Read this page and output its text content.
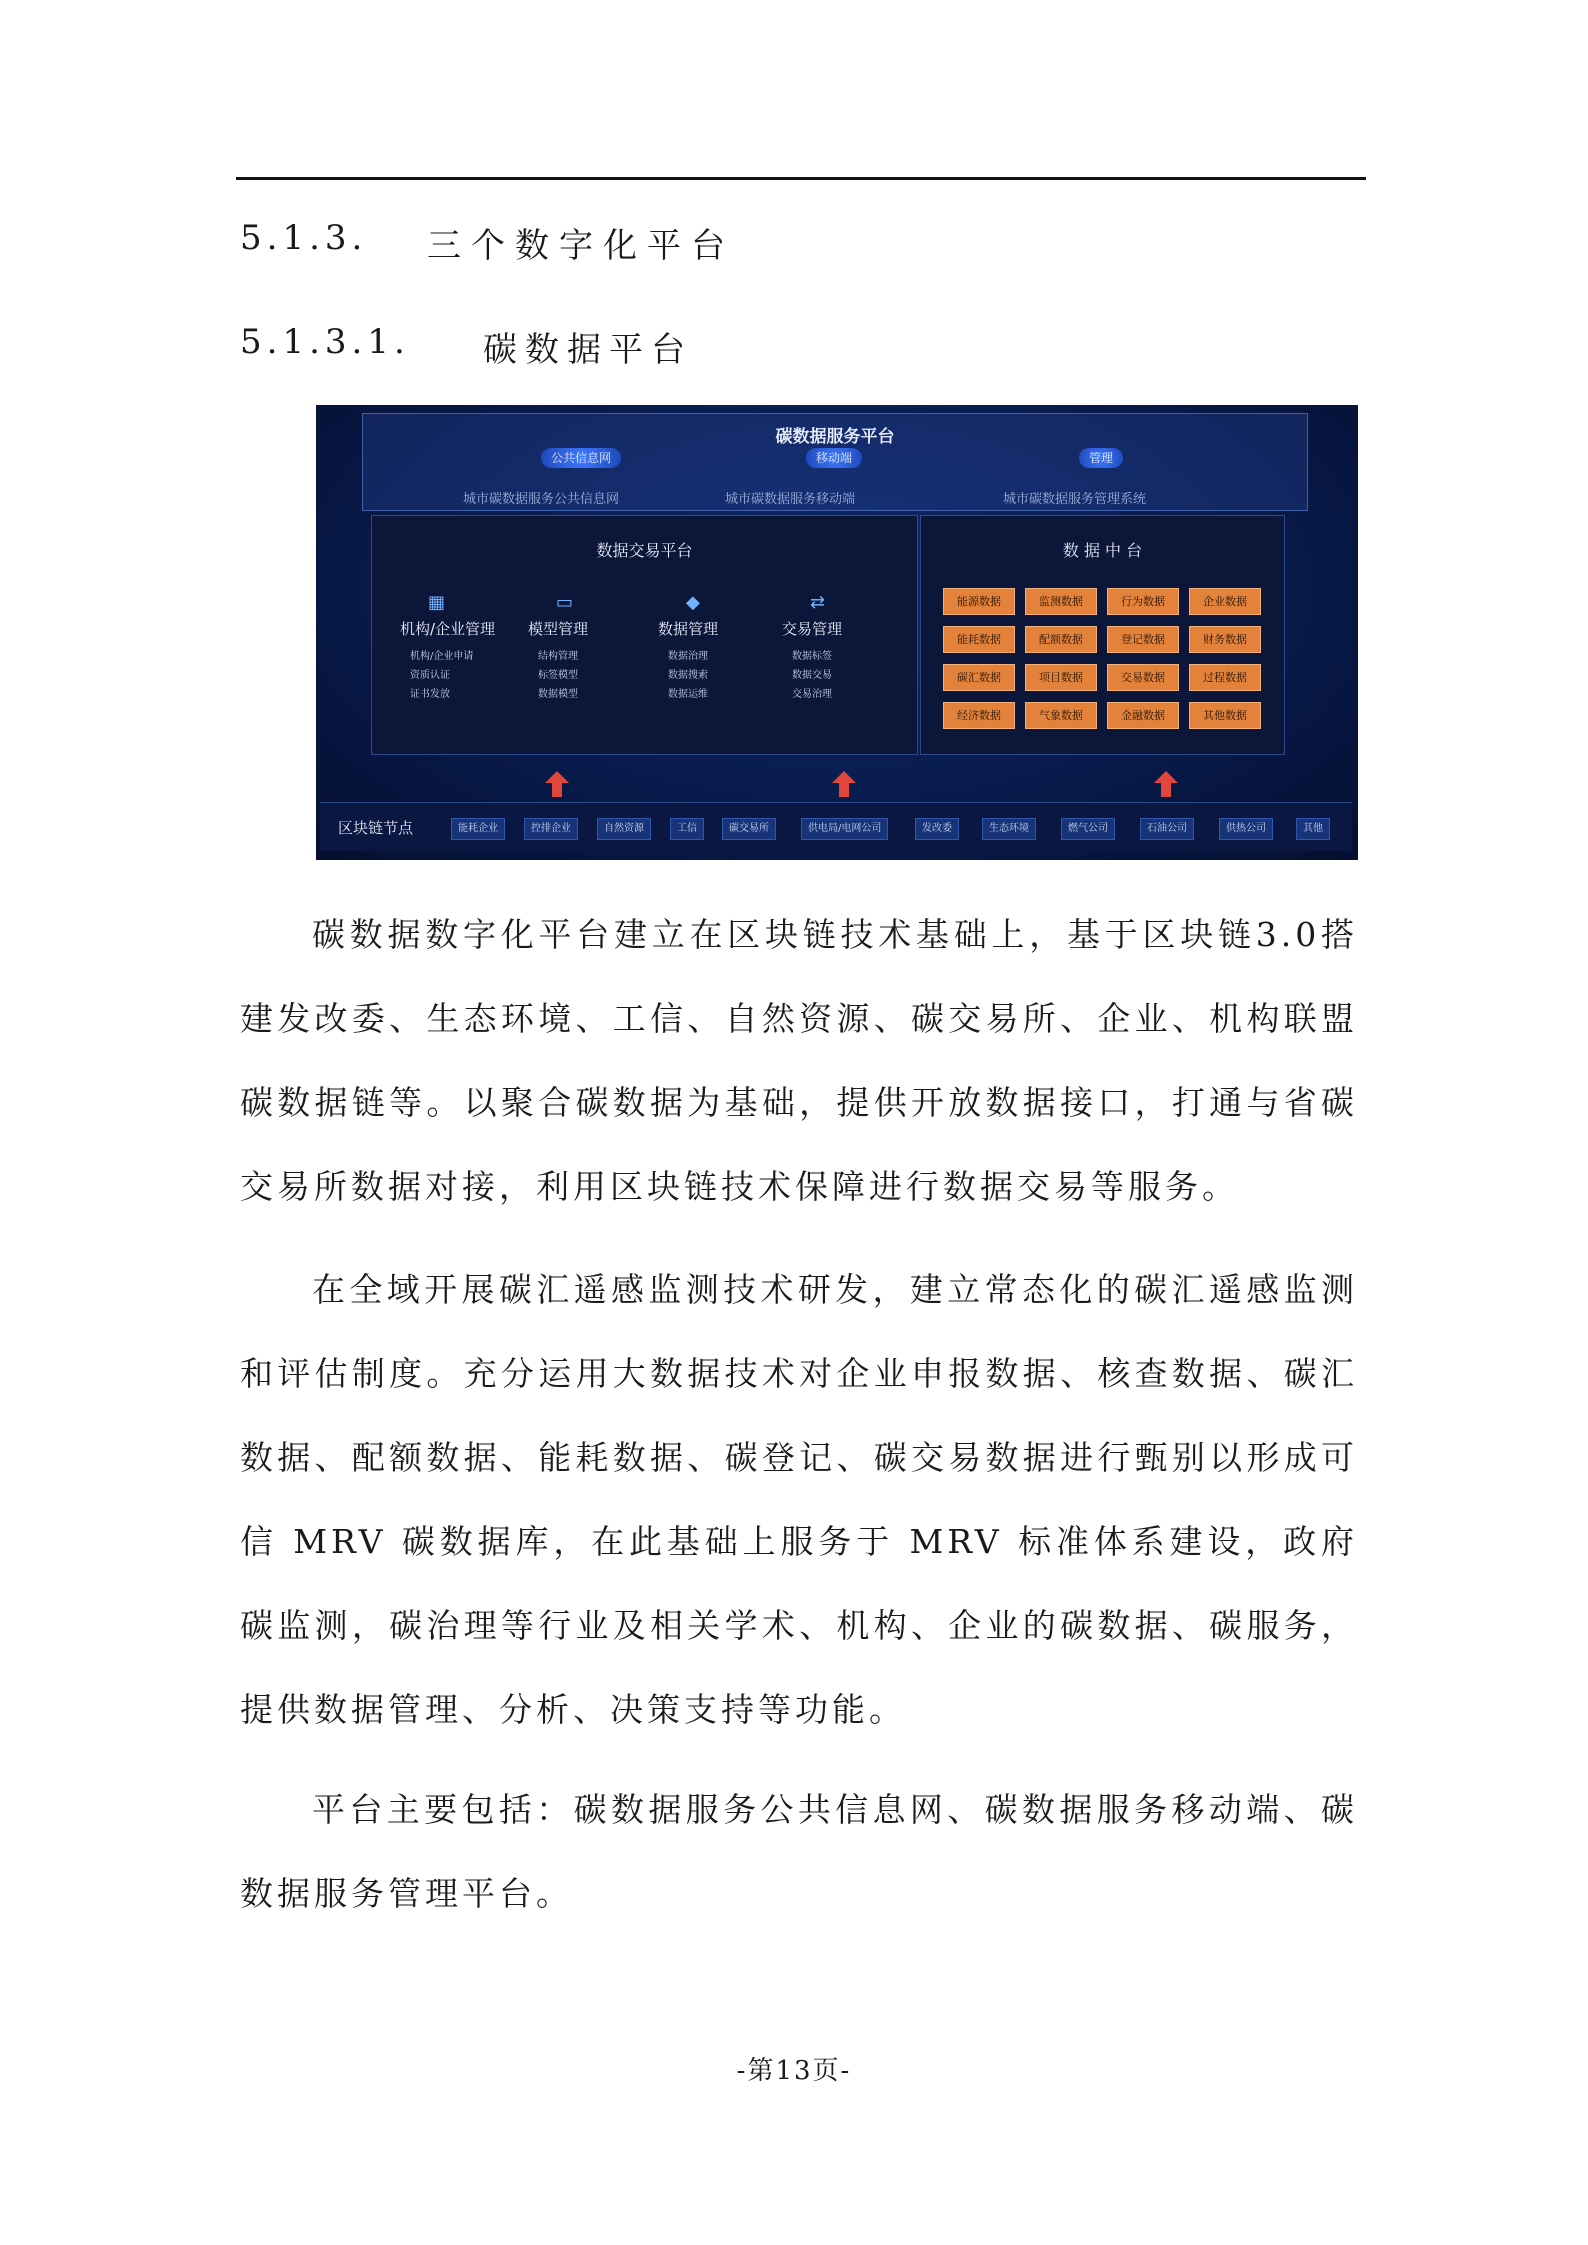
5.1.3. 三个数字化平台
5.1.3.1. 碳数据平台
碳数据服务平台
公共信息网	移动端	管理
城市碳数据服务公共信息网	城市碳数据服务移动端	城市碳数据服务管理系统
数据交易平台
▦
机构/企业管理
机构/企业申请
资质认证
证书发放
▭
模型管理
结构管理
标签模型
数据模型
◆
数据管理
数据治理
数据搜索
数据运维
⇄
交易管理
数据标签
数据交易
交易治理
数 据 中 台
能源数据	监测数据	行为数据	企业数据
能耗数据	配额数据	登记数据	财务数据
碳汇数据	项目数据	交易数据	过程数据
经济数据	气象数据	金融数据	其他数据
区块链节点	能耗企业	控排企业	自然资源	工信	碳交易所	供电局/电网公司	发改委	生态环境	燃气公司	石油公司	供热公司	其他

碳数据数字化平台建立在区块链技术基础上，基于区块链3.0搭建发改委、生态环境、工信、自然资源、碳交易所、企业、机构联盟碳数据链等。以聚合碳数据为基础，提供开放数据接口，打通与省碳交易所数据对接，利用区块链技术保障进行数据交易等服务。

在全域开展碳汇遥感监测技术研发，建立常态化的碳汇遥感监测和评估制度。充分运用大数据技术对企业申报数据、核查数据、碳汇数据、配额数据、能耗数据、碳登记、碳交易数据进行甄别以形成可信 MRV 碳数据库，在此基础上服务于 MRV 标准体系建设，政府碳监测，碳治理等行业及相关学术、机构、企业的碳数据、碳服务，提供数据管理、分析、决策支持等功能。

平台主要包括：碳数据服务公共信息网、碳数据服务移动端、碳数据服务管理平台。

-第13页-
